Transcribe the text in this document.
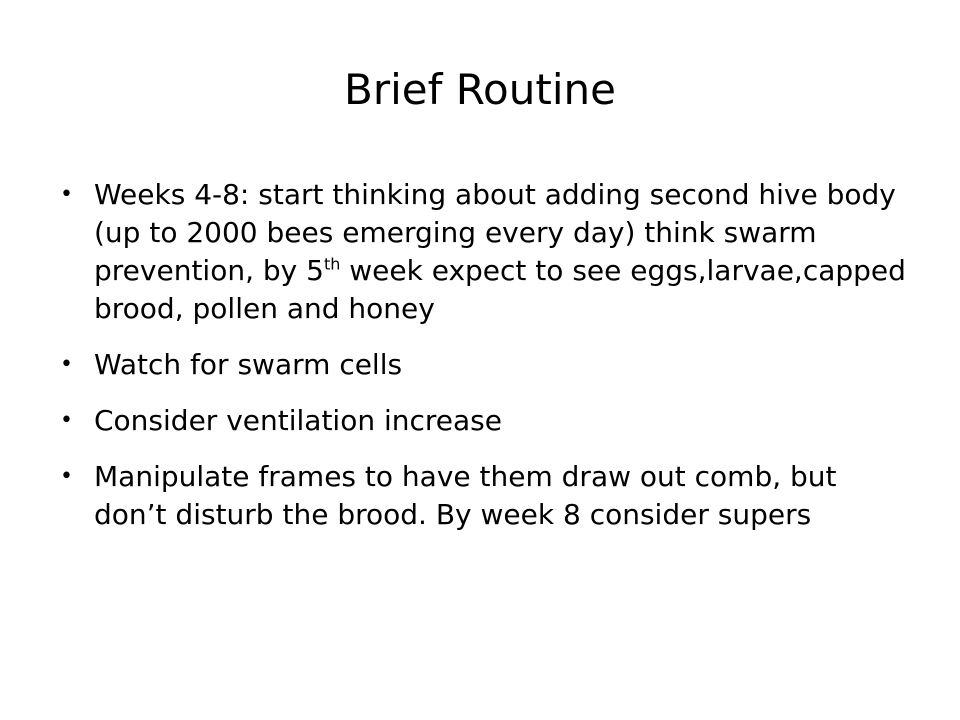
Brief Routine
• Weeks 4-8: start thinking about adding second hive body (up to 2000 bees emerging every day) think swarm prevention, by 5th week expect to see eggs,larvae,capped brood, pollen and honey
• Watch for swarm cells
• Consider ventilation increase
• Manipulate frames to have them draw out comb, but don’t disturb the brood. By week 8 consider supers
